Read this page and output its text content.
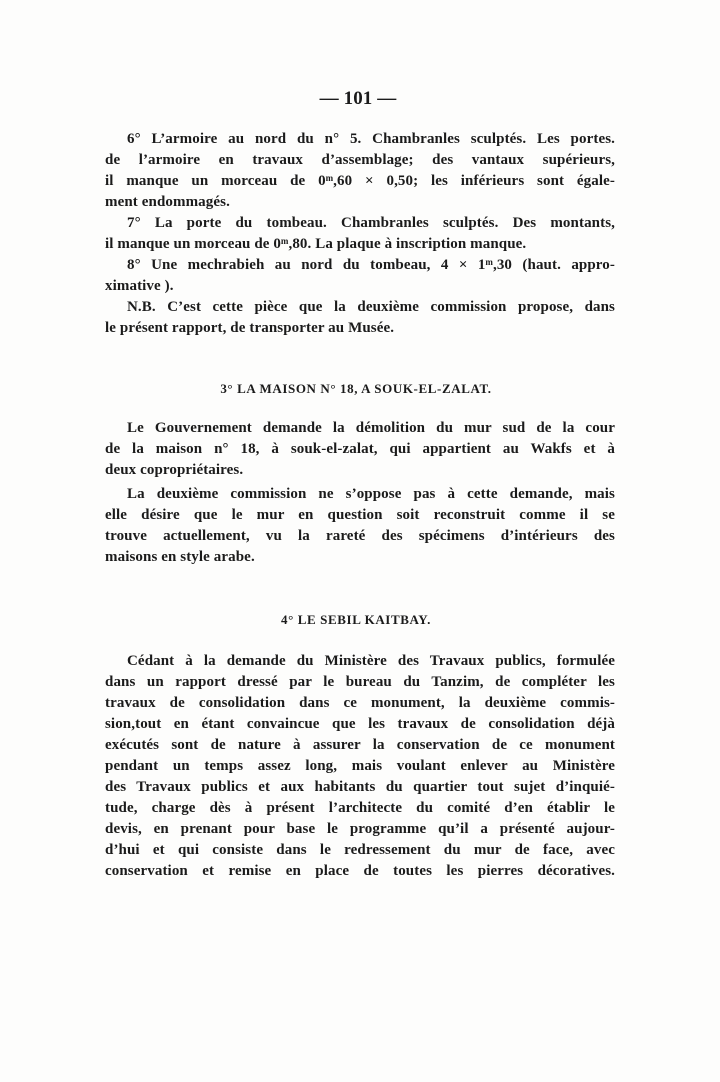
— 101 —
6° L’armoire au nord du n° 5. Chambranles sculptés. Les portes.
de l’armoire en travaux d’assemblage; des vantaux supérieurs,
il manque un morceau de 0ᵐ,60 × 0,50; les inférieurs sont égale-
ment endommagés.
7° La porte du tombeau. Chambranles sculptés. Des montants,
il manque un morceau de 0ᵐ,80. La plaque à inscription manque.
8° Une mechrabieh au nord du tombeau, 4 × 1ᵐ,30 (haut. appro-
ximative ).
N.B. C’est cette pièce que la deuxième commission propose, dans
le présent rapport, de transporter au Musée.
3° LA MAISON N° 18, A SOUK-EL-ZALAT.
Le Gouvernement demande la démolition du mur sud de la cour
de la maison n° 18, à souk-el-zalat, qui appartient au Wakfs et à
deux copropriétaires.
La deuxième commission ne s’oppose pas à cette demande, mais
elle désire que le mur en question soit reconstruit comme il se
trouve actuellement, vu la rareté des spécimens d’intérieurs des
maisons en style arabe.
4° LE SEBIL KAITBAY.
Cédant à la demande du Ministère des Travaux publics, formulée
dans un rapport dressé par le bureau du Tanzim, de compléter les
travaux de consolidation dans ce monument, la deuxième commis-
sion,tout en étant convaincue que les travaux de consolidation déjà
exécutés sont de nature à assurer la conservation de ce monument
pendant un temps assez long, mais voulant enlever au Ministère
des Travaux publics et aux habitants du quartier tout sujet d’inquié-
tude, charge dès à présent l’architecte du comité d’en établir le
devis, en prenant pour base le programme qu’il a présenté aujour-
d’hui et qui consiste dans le redressement du mur de face, avec
conservation et remise en place de toutes les pierres décoratives.
